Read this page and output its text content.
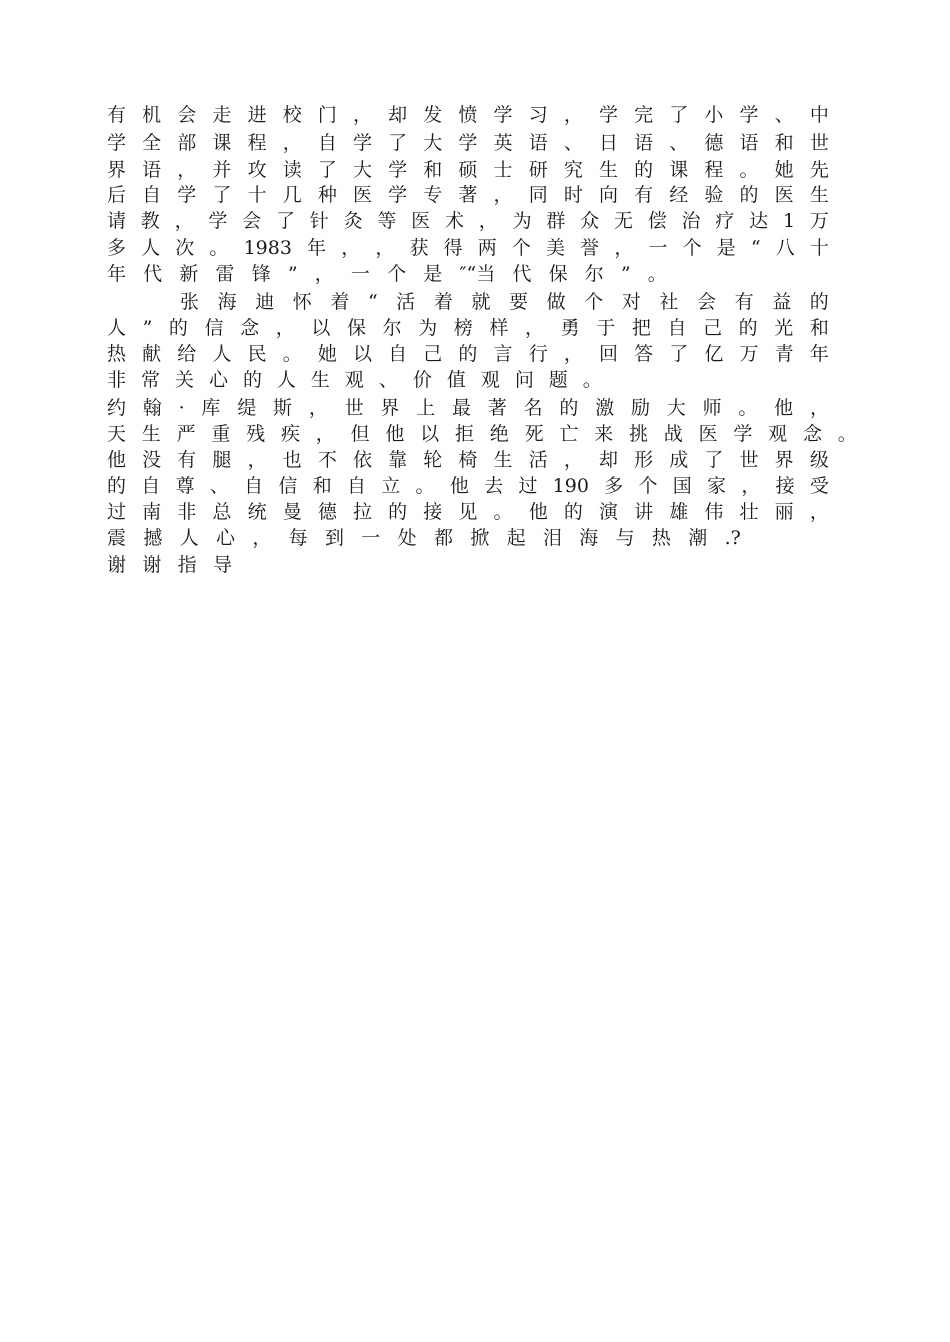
有 机 会 走 进 校 门 ， 却 发 愤 学 习 ， 学 完 了 小 学 、 中
学 全 部 课 程 ， 自 学 了 大 学 英 语 、 日 语 、 德 语 和 世
界 语 ， 并 攻 读 了 大 学 和 硕 士 研 究 生 的 课 程 。 她 先
后 自 学 了 十 几 种 医 学 专 著 ， 同 时 向 有 经 验 的 医 生
请 教 ， 学 会 了 针 灸 等 医 术 ， 为 群 众 无 偿 治 疗 达 1 万
多 人 次 。 1983 年 ， ， 获 得 两 个 美 誉 ， 一 个 是 “ 八 十
年 代 新 雷 锋 ” ， 一 个 是 ″“当 代 保 尔 ” 。
张 海 迪 怀 着 “ 活 着 就 要 做 个 对 社 会 有 益 的
人 ” 的 信 念 ， 以 保 尔 为 榜 样 ， 勇 于 把 自 己 的 光 和
热 献 给 人 民 。 她 以 自 己 的 言 行 ， 回 答 了 亿 万 青 年
非 常 关 心 的 人 生 观 、 价 值 观 问 题 。
约 翰 · 库 缇 斯 ， 世 界 上 最 著 名 的 激 励 大 师 。 他 ，
天 生 严 重 残 疾 ， 但 他 以 拒 绝 死 亡 来 挑 战 医 学 观 念 。
他 没 有 腿 ， 也 不 依 靠 轮 椅 生 活 ， 却 形 成 了 世 界 级
的 自 尊 、 自 信 和 自 立 。 他 去 过 190 多 个 国 家 ， 接 受
过 南 非 总 统 曼 德 拉 的 接 见 。 他 的 演 讲 雄 伟 壮 丽 ，
震 撼 人 心 ， 每 到 一 处 都 掀 起 泪 海 与 热 潮 .?
谢 谢 指 导
